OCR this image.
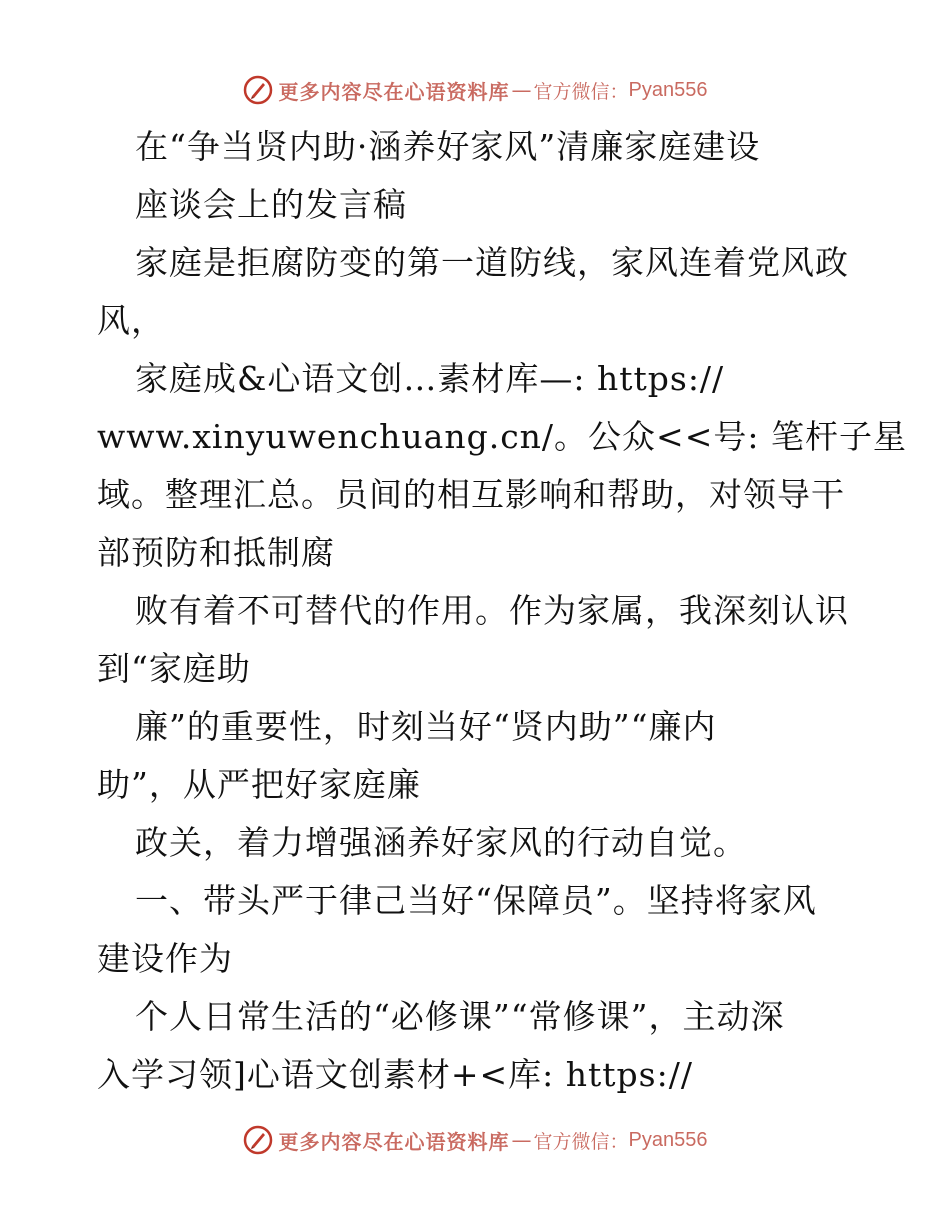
更多内容尽在心语资料库 — 官方微信： Pyan556
在“争当贤内助·涵养好家风”清廉家庭建设
座谈会上的发言稿
家庭是拒腐防变的第一道防线，家风连着党风政
风，
家庭成&心语文创…素材库—: https://
www.xinyuwenchuang.cn/。公众<<号: 笔杆子星
域。整理汇总。员间的相互影响和帮助，对领导干
部预防和抵制腐
败有着不可替代的作用。作为家属，我深刻认识
到“家庭助
廉”的重要性，时刻当好“贤内助”“廉内
助”，从严把好家庭廉
政关，着力增强涵养好家风的行动自觉。
一、带头严于律己当好“保障员”。坚持将家风
建设作为
个人日常生活的“必修课”“常修课”，主动深
入学习领]心语文创素材+<库: https://
更多内容尽在心语资料库 — 官方微信： Pyan556
